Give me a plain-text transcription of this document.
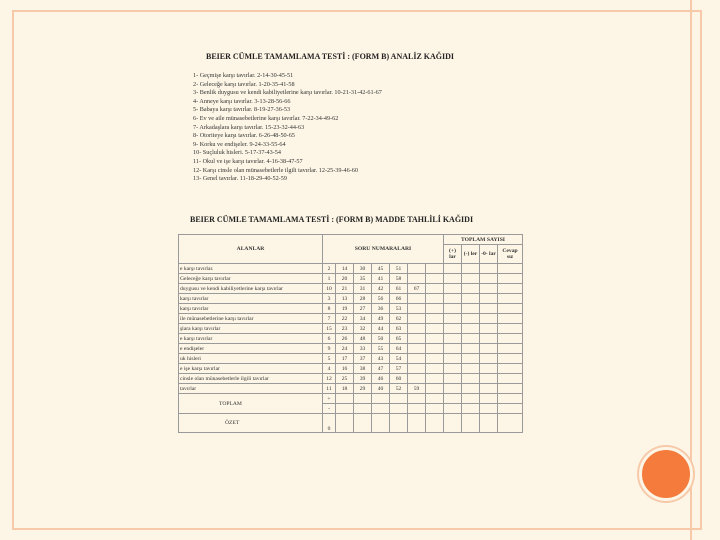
BEIER CÜMLE TAMAMLAMA TESTİ : (FORM B) ANALİZ KAĞIDI
1- Geçmişe karşı tavırlar. 2-14-30-45-51
2- Geleceğe karşı tavırlar. 1-20-35-41-58
3- Benlik duygusu ve kendi kabiliyetlerine karşı tavırlar. 10-21-31-42-61-67
4- Anneye karşı tavırlar. 3-13-28-56-66
5- Babaya karşı tavırlar. 8-19-27-36-53
6- Ev ve aile münasebetlerine karşı tavırlar. 7-22-34-49-62
7- Arkadaşlara karşı tavırlar. 15-23-32-44-63
8- Otoriteye karşı tavırlar. 6-26-48-50-65
9- Korku ve endişeler. 9-24-33-55-64
10- Suçluluk hisleri. 5-17-37-43-54
11- Okul ve işe karşı tavırlar. 4-16-38-47-57
12- Karşı cinsle olan münasebetlerle ilgili tavırlar. 12-25-39-46-60
13- Genel tavırlar. 11-18-29-40-52-59
BEIER CÜMLE TAMAMLAMA TESTİ : (FORM B) MADDE TAHLİLİ KAĞIDI
ALANLAR	SORU NUMARALARI							TOPLAM SAYISI			
								(+) lar	(-) ler	-0- lar	Cevap sız
e karşı tavırlar.	2	14	30	45	51						
Geleceğe karşı tavırlar	1	20	35	41	58						
duygusu ve kendi kabiliyetlerine karşı tavırlar	10	21	31	42	61	67					
karşı tavırlar	3	13	28	56	66						
karşı tavırlar	8	19	27	36	53						
ile münasebetlerine karşı tavırlar	7	22	34	49	62						
şlara karşı tavırlar	15	23	32	44	63						
e karşı tavırlar	6	26	48	50	65						
e endişeler	9	24	33	55	64						
uk hisleri	5	17	37	43	54						
e işe karşı tavırlar	4	16	38	47	57						
cinsle olan münasebetlerle ilgili tavırlar	12	25	39	46	60						
tavırlar	11	18	29	40	52	59					
TOPLAM	+										
	-										
ÖZET	0										
